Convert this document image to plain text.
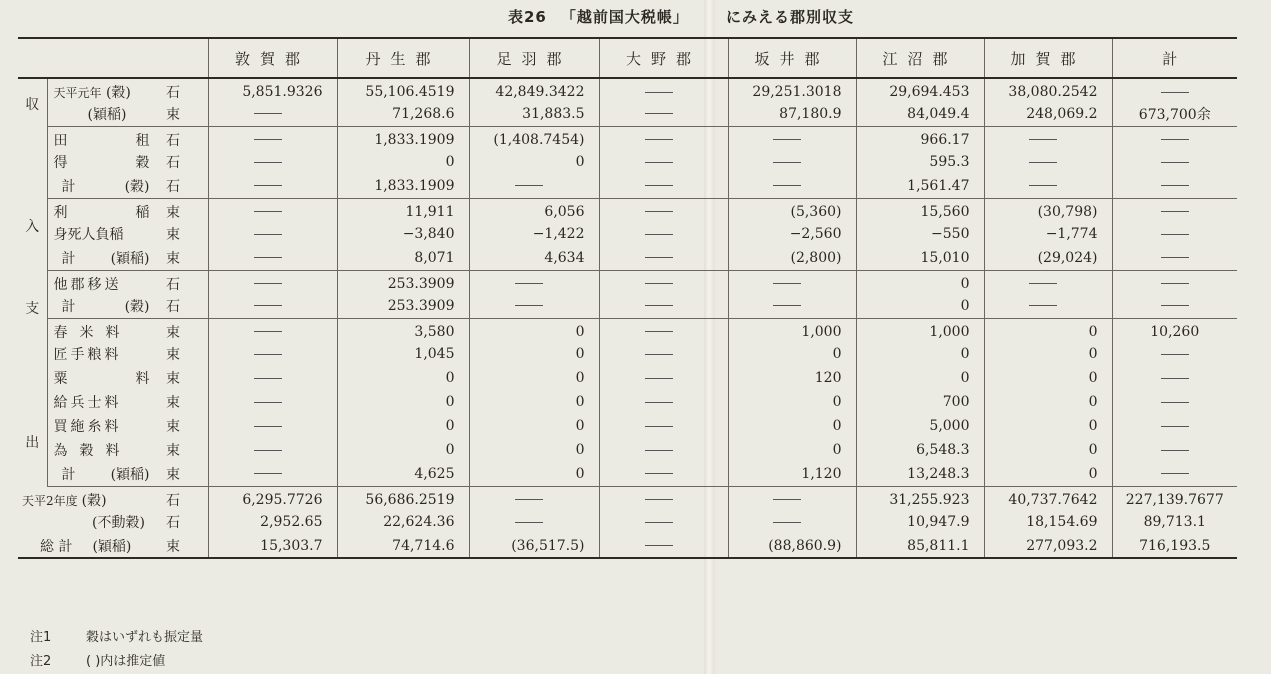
表26 「越前国大税帳」 にみえる郡別収支
			敦賀郡	丹生郡	足羽郡	大野郡	坂井郡	江沼郡	加賀郡	計
収	天平元年 (穀)	石	5,851.9326	55,106.4519	42,849.3422		29,251.3018	29,694.453	38,080.2542	
	(穎稲)	束		71,268.6	31,883.5		87,180.9	84,049.4	248,069.2	673,700余
入	田 租	石		1,833.1909	(1,408.7454)			966.17		

	得 穀	石		0	0			595.3		

	計 (穀)	石		1,833.1909				1,561.47		

	利 稲	束		11,911	6,056		(5,360)	15,560	(30,798)	
	身死人負稲	束		−3,840	−1,422		−2,560	−550	−1,774	

	計 (穎稲)	束		8,071	4,634		(2,800)	15,010	(29,024)	
支	他郡移送	石		253.3909				0		

	計 (穀)	石		253.3909				0		
出	春米料	束		3,580	0		1,000	1,000	0	10,260
	匠手粮料	束		1,045	0		0	0	0	

	粟 料	束		0	0		120	0	0	
	給兵士料	束		0	0		0	700	0	
	買絁糸料	束		0	0		0	5,000	0	
	為穀料	束		0	0		0	6,548.3	0	

	計 (穎稲)	束		4,625	0		1,120	13,248.3	0	
天平2年度 (穀)		石	6,295.7726	56,686.2519				31,255.923	40,737.7642	227,139.7677
(不動穀)		石	2,952.65	22,624.36				10,947.9	18,154.69	89,713.1
総 計 (穎稲)		束	15,303.7	74,714.6	(36,517.5)		(88,860.9)	85,811.1	277,093.2	716,193.5
注1	穀はいずれも振定量
注2	( )内は推定値
